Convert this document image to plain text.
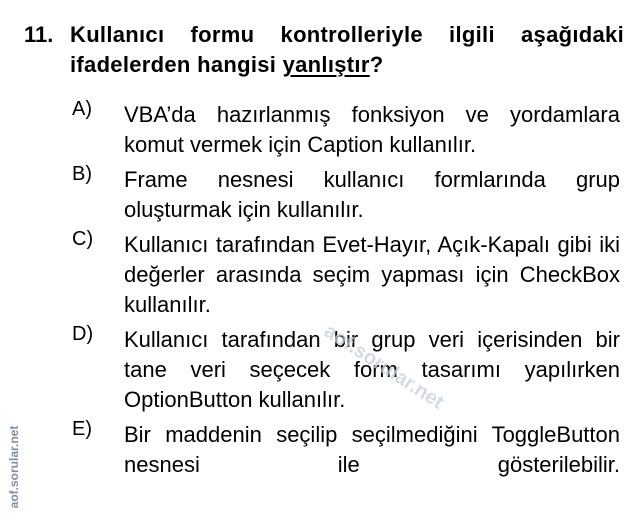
11. Kullanıcı formu kontrolleriyle ilgili aşağıdaki ifadelerden hangisi yanlıştır?
A)	VBA’da hazırlanmış fonksiyon ve yordamlara komut vermek için Caption kullanılır.
B)	Frame nesnesi kullanıcı formlarında grup oluşturmak için kullanılır.
C)	Kullanıcı tarafından Evet-Hayır, Açık-Kapalı gibi iki değerler arasında seçim yapması için CheckBox kullanılır.
D)	Kullanıcı tarafından bir grup veri içerisinden bir tane veri seçecek form tasarımı yapılırken OptionButton kullanılır.
E)	Bir maddenin seçilip seçilmediğini ToggleButton nesnesi ile gösterilebilir.
aof.sorular.net
aof.sorular.net
